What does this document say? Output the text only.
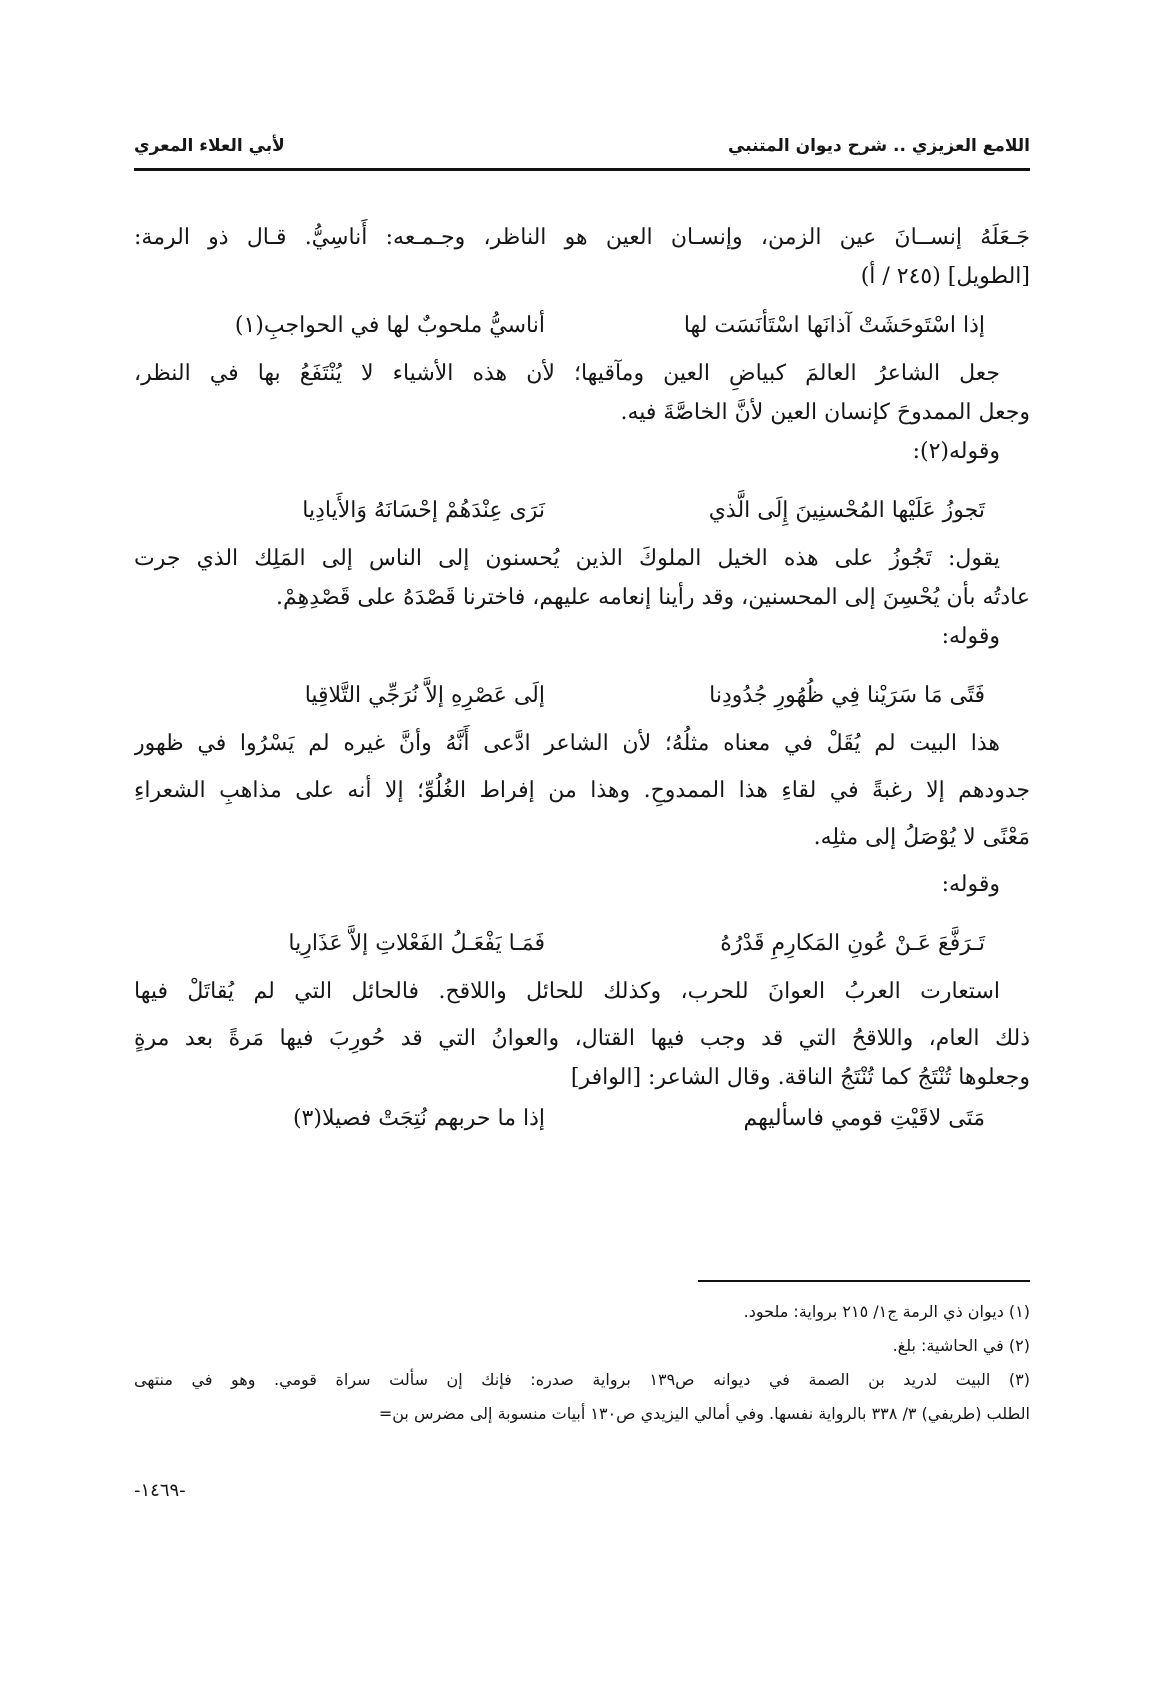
اللامع العزيزي .. شرح ديوان المتنبي
لأبي العلاء المعري
جَـعَلَهُ إنســانَ عين الزمن، وإنسـان العين هو الناظر، وجـمـعه: أَناسِيُّ. قـال ذو الرمة:
[الطويل] (٢٤٥ / أ)
إذا اسْتَوحَشَتْ آذانَها اسْتَأنَسَت لها
أناسيُّ ملحوبٌ لها في الحواجبِ(١)
جعل الشاعرُ العالمَ كبياضِ العين ومآقيها؛ لأن هذه الأشياء لا يُنْتَفَعُ بها في النظر،
وجعل الممدوحَ كإنسان العين لأنَّ الخاصَّةَ فيه.
وقوله(٢):
تَجوزُ عَلَيْها المُحْسنِينَ إِلَى الَّذي
نَرَى عِنْدَهُمْ إحْسَانَهُ وَالأَيادِيا
يقول: تَجُوزُ على هذه الخيل الملوكَ الذين يُحسنون إلى الناس إلى المَلِك الذي جرت
عادتُه بأن يُحْسِنَ إلى المحسنين، وقد رأينا إنعامه عليهم، فاخترنا قَصْدَهُ على قَصْدِهِمْ.
وقوله:
فَتًى مَا سَرَيْنا فِي ظُهُورِ جُدُودِنا
إلَى عَصْرِهِ إلاَّ نُرَجِّي التَّلاقِيا
هذا البيت لم يُقَلْ في معناه مثلُهُ؛ لأن الشاعر ادَّعى أَنَّهُ وأنَّ غيره لم يَسْرُوا في ظهور
جدودهم إلا رغبةً في لقاءِ هذا الممدوحِ. وهذا من إفراط الغُلُوِّ؛ إلا أنه على مذاهبِ الشعراءِ
مَعْنًى لا يُوْصَلُ إلى مثلِه.
وقوله:
تَـرَفَّعَ عَـنْ عُونِ المَكارِمِ قَدْرُهُ
فَمَـا يَفْعَـلُ الفَعْلاتِ إلاَّ عَذَارِيا
استعارت العربُ العوانَ للحرب، وكذلك للحائل واللاقح. فالحائل التي لم يُقاتَلْ فيها
ذلك العام، واللاقحُ التي قد وجب فيها القتال، والعوانُ التي قد حُورِبَ فيها مَرةً بعد مرةٍ
وجعلوها تُنْتَجُ كما تُنْتَجُ الناقة. وقال الشاعر: [الوافر]
مَتَى لاقَيْتِ قومي فاسأليهم
إذا ما حربهم نُتِجَتْ فصيلا(٣)
(١) ديوان ذي الرمة ج١/ ٢١٥ برواية: ملحود.
(٢) في الحاشية: بلغ.
(٣) البيت لدريد بن الصمة في ديوانه ص١٣٩ برواية صدره: فإنك إن سألت سراة قومي. وهو في منتهى
الطلب (طريفي) ٣/ ٣٣٨ بالرواية نفسها. وفي أمالي اليزيدي ص١٣٠ أبيات منسوبة إلى مضرس بن=
-١٤٦٩-
